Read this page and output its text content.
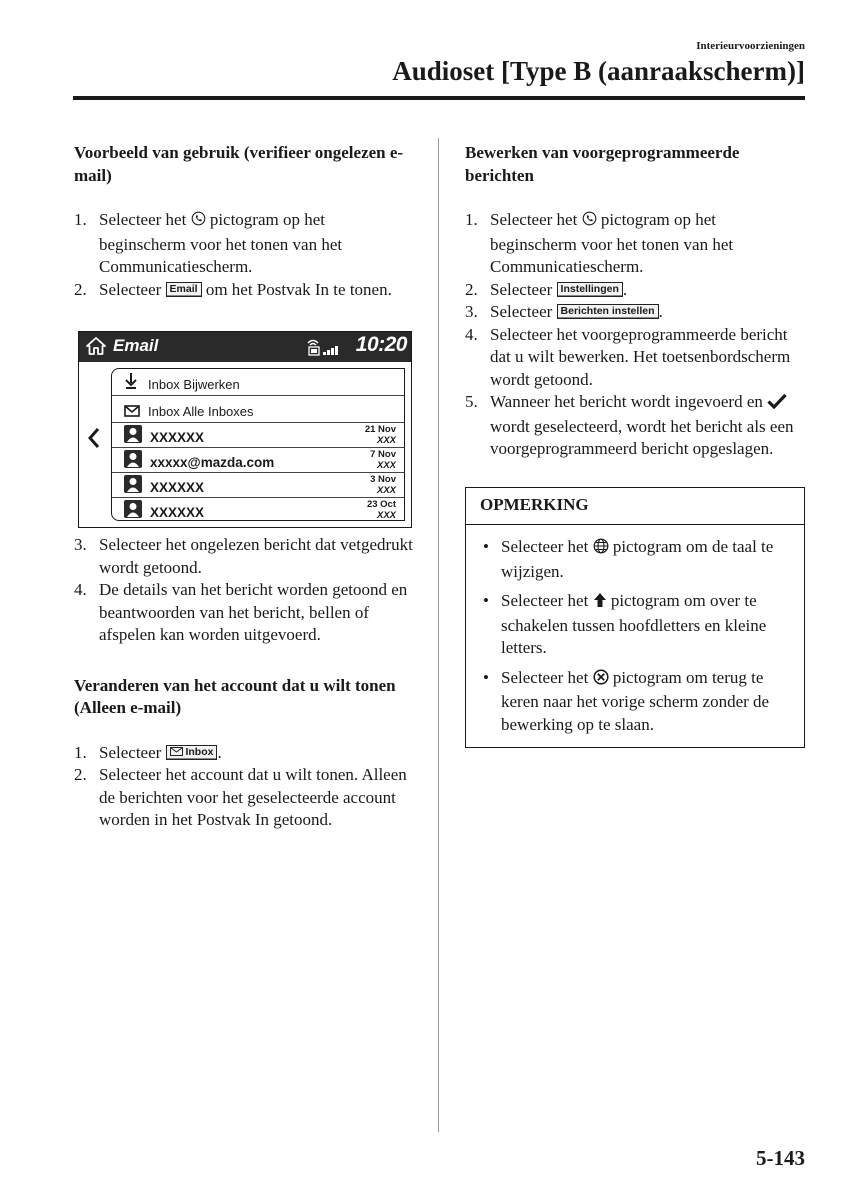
Interieurvoorzieningen
Audioset [Type B (aanraakscherm)]
Voorbeeld van gebruik (verifieer ongelezen e-mail)
1. Selecteer het pictogram op het beginscherm voor het tonen van het Communicatiescherm.
2. Selecteer Email om het Postvak In te tonen.
Email	10:20
Inbox Bijwerken
Inbox Alle Inboxes
XXXXXX
21 Nov
XXX
xxxxx@mazda.com
7 Nov
XXX
XXXXXX
3 Nov
XXX
XXXXXX
23 Oct
XXX
3. Selecteer het ongelezen bericht dat vetgedrukt wordt getoond.
4. De details van het bericht worden getoond en beantwoorden van het bericht, bellen of afspelen kan worden uitgevoerd.
Veranderen van het account dat u wilt tonen (Alleen e-mail)
1. Selecteer Inbox .
2. Selecteer het account dat u wilt tonen. Alleen de berichten voor het geselecteerde account worden in het Postvak In getoond.
Bewerken van voorgeprogrammeerde berichten
1. Selecteer het pictogram op het beginscherm voor het tonen van het Communicatiescherm.
2. Selecteer Instellingen .
3. Selecteer Berichten instellen .
4. Selecteer het voorgeprogrammeerde bericht dat u wilt bewerken. Het toetsenbordscherm wordt getoond.
5. Wanneer het bericht wordt ingevoerd en  wordt geselecteerd, wordt het bericht als een voorgeprogrammeerd bericht opgeslagen.
OPMERKING
• Selecteer het pictogram om de taal te wijzigen.
• Selecteer het pictogram om over te schakelen tussen hoofdletters en kleine letters.
• Selecteer het pictogram om terug te keren naar het vorige scherm zonder de bewerking op te slaan.
5-143
